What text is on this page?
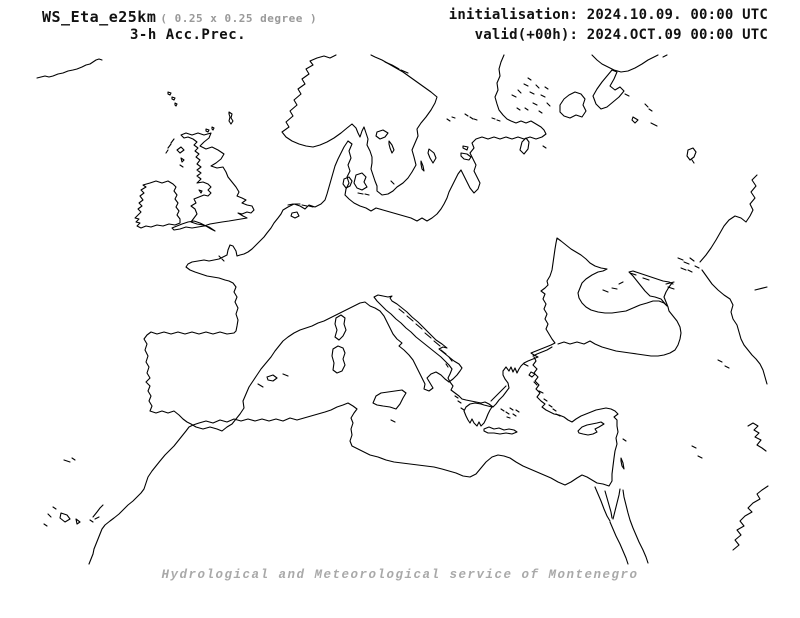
WS_Eta_e25km ( 0.25 x 0.25 degree )
3-h Acc.Prec.
initialisation: 2024.10.09. 00:00 UTC
valid(+00h): 2024.OCT.09 00:00 UTC
Hydrological and Meteorological service of Montenegro
